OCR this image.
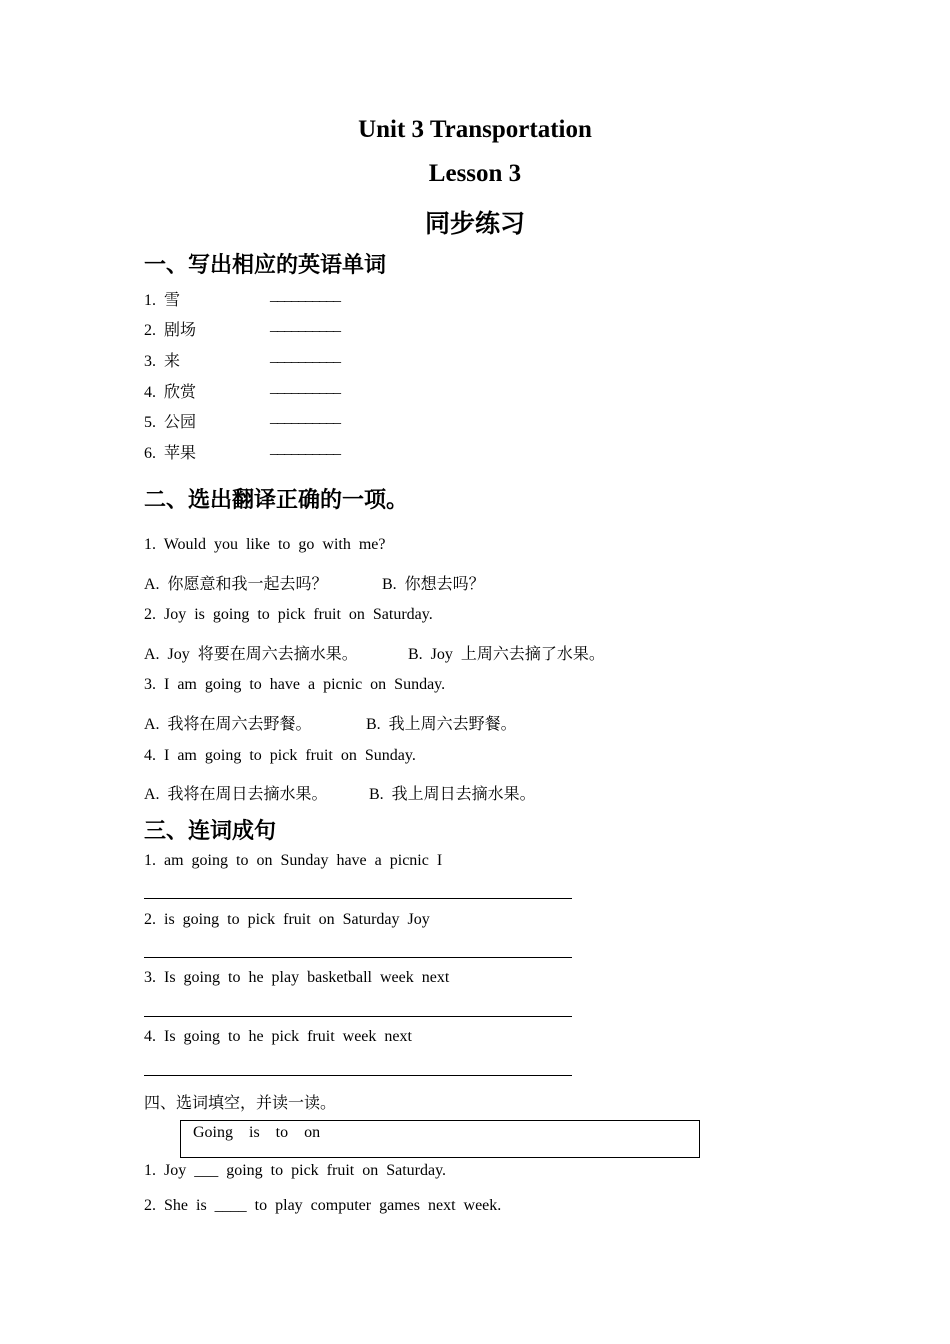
Unit 3 Transportation
Lesson 3
同步练习
一、写出相应的英语单词
1. 雪	__________
2. 剧场	__________
3. 来	__________
4. 欣赏	__________
5. 公园	__________
6. 苹果	__________
二、选出翻译正确的一项。
1. Would you like to go with me?
A. 你愿意和我一起去吗？	B. 你想去吗？
2. Joy is going to pick fruit on Saturday.
A. Joy 将要在周六去摘水果。	B. Joy 上周六去摘了水果。
3. I am going to have a picnic on Sunday.
A. 我将在周六去野餐。	B. 我上周六去野餐。
4. I am going to pick fruit on Sunday.
A. 我将在周日去摘水果。	B. 我上周日去摘水果。
三、连词成句
1. am going to on Sunday have a picnic I
2. is going to pick fruit on Saturday Joy
3. Is going to he play basketball week next
4. Is going to he pick fruit week next
四、选词填空，并读一读。
Going is to on
1. Joy ___ going to pick fruit on Saturday.
2. She is ____ to play computer games next week.
